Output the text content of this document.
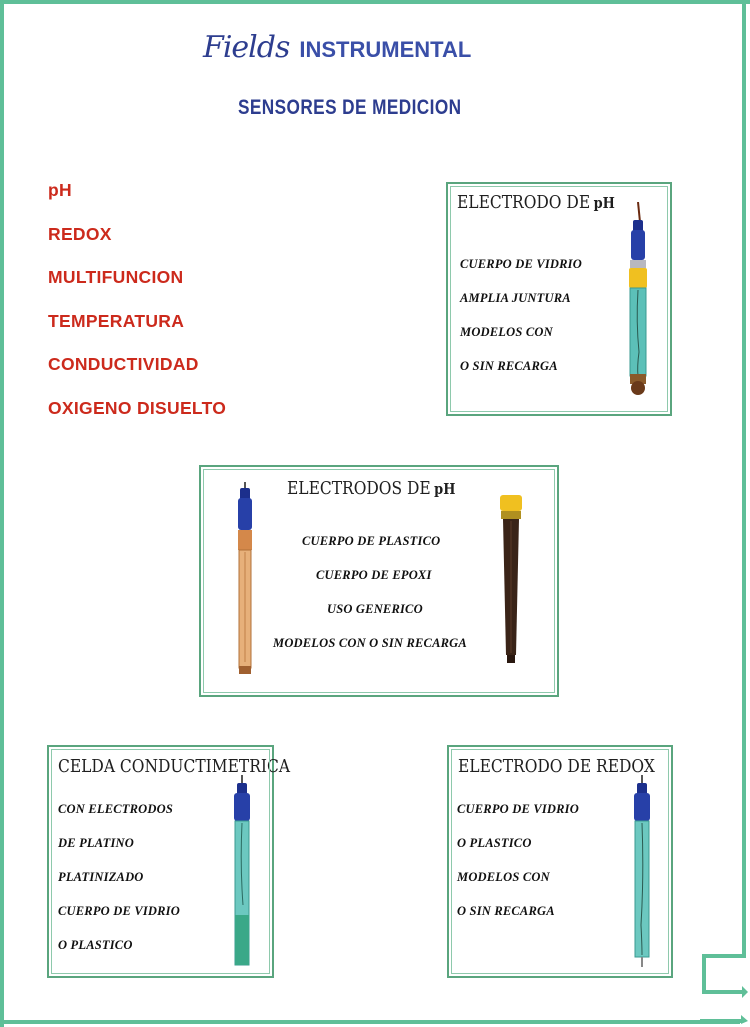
Fields INSTRUMENTAL
SENSORES DE MEDICION
pH
REDOX
MULTIFUNCION
TEMPERATURA
CONDUCTIVIDAD
OXIGENO DISUELTO
ELECTRODO DE pH
CUERPO DE VIDRIO
AMPLIA JUNTURA
MODELOS CON
O SIN RECARGA
ELECTRODOS DE pH
CUERPO DE PLASTICO
CUERPO DE EPOXI
USO GENERICO
MODELOS CON O SIN RECARGA
CELDA CONDUCTIMETRICA
CON ELECTRODOS
DE PLATINO
PLATINIZADO
CUERPO DE VIDRIO
O PLASTICO
ELECTRODO DE REDOX
CUERPO DE VIDRIO
O PLASTICO
MODELOS CON
O SIN RECARGA
